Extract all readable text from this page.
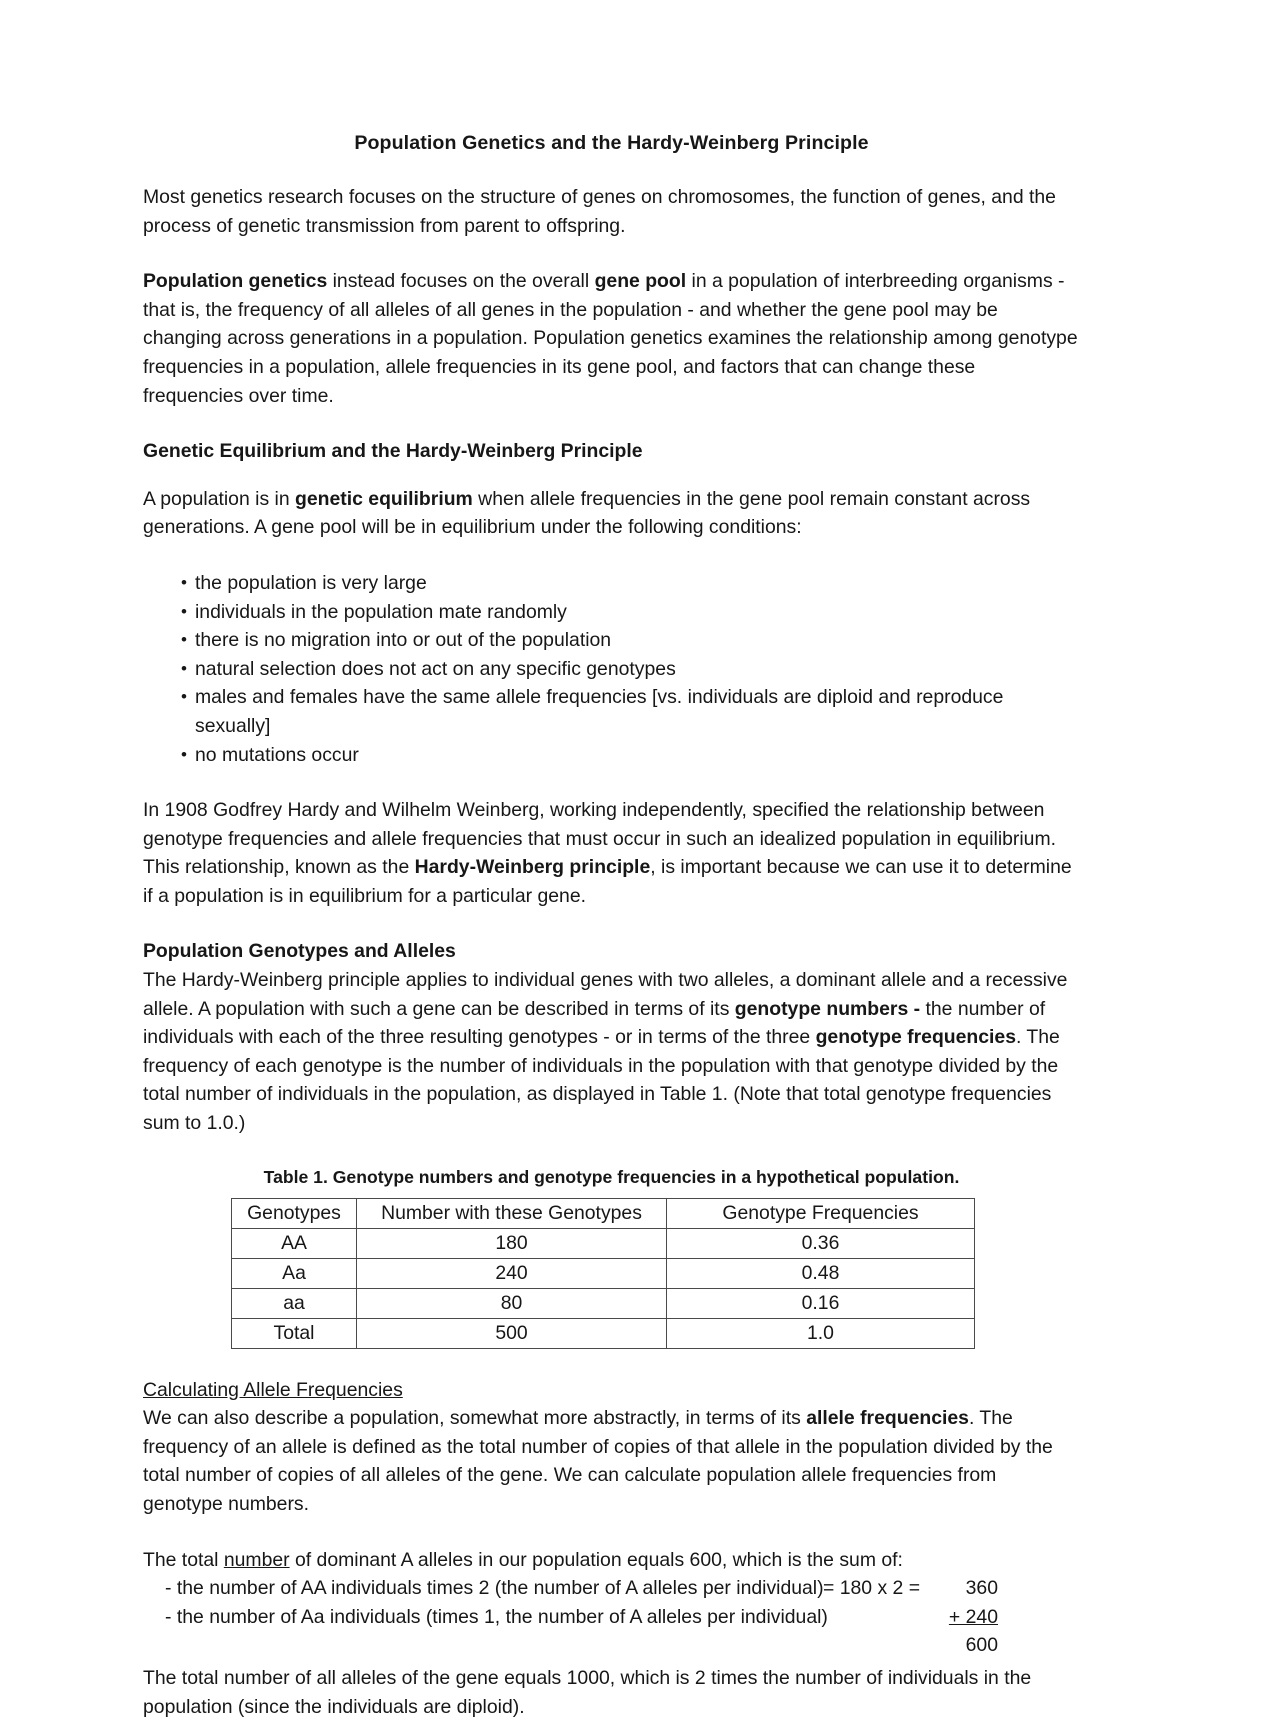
Population Genetics and the Hardy-Weinberg Principle

Most genetics research focuses on the structure of genes on chromosomes, the function of genes, and the process of genetic transmission from parent to offspring.

Population genetics instead focuses on the overall gene pool in a population of interbreeding organisms - that is, the frequency of all alleles of all genes in the population - and whether the gene pool may be changing across generations in a population. Population genetics examines the relationship among genotype frequencies in a population, allele frequencies in its gene pool, and factors that can change these frequencies over time.

Genetic Equilibrium and the Hardy-Weinberg Principle

A population is in genetic equilibrium when allele frequencies in the gene pool remain constant across generations. A gene pool will be in equilibrium under the following conditions:

• the population is very large
• individuals in the population mate randomly
• there is no migration into or out of the population
• natural selection does not act on any specific genotypes
• males and females have the same allele frequencies [vs. individuals are diploid and reproduce sexually]
• no mutations occur

In 1908 Godfrey Hardy and Wilhelm Weinberg, working independently, specified the relationship between genotype frequencies and allele frequencies that must occur in such an idealized population in equilibrium. This relationship, known as the Hardy-Weinberg principle, is important because we can use it to determine if a population is in equilibrium for a particular gene.

Population Genotypes and Alleles

The Hardy-Weinberg principle applies to individual genes with two alleles, a dominant allele and a recessive allele. A population with such a gene can be described in terms of its genotype numbers - the number of individuals with each of the three resulting genotypes - or in terms of the three genotype frequencies. The frequency of each genotype is the number of individuals in the population with that genotype divided by the total number of individuals in the population, as displayed in Table 1. (Note that total genotype frequencies sum to 1.0.)

Table 1. Genotype numbers and genotype frequencies in a hypothetical population.
Genotypes	Number with these Genotypes	Genotype Frequencies
AA	180	0.36
Aa	240	0.48
aa	80	0.16
Total	500	1.0
Calculating Allele Frequencies

We can also describe a population, somewhat more abstractly, in terms of its allele frequencies. The frequency of an allele is defined as the total number of copies of that allele in the population divided by the total number of copies of all alleles of the gene. We can calculate population allele frequencies from genotype numbers.

The total number of dominant A alleles in our population equals 600, which is the sum of:

- the number of AA individuals times 2 (the number of A alleles per individual) = 180 x 2 =	360
- the number of Aa individuals (times 1, the number of A alleles per individual)	+ 240
600

The total number of all alleles of the gene equals 1000, which is 2 times the number of individuals in the population (since the individuals are diploid).
